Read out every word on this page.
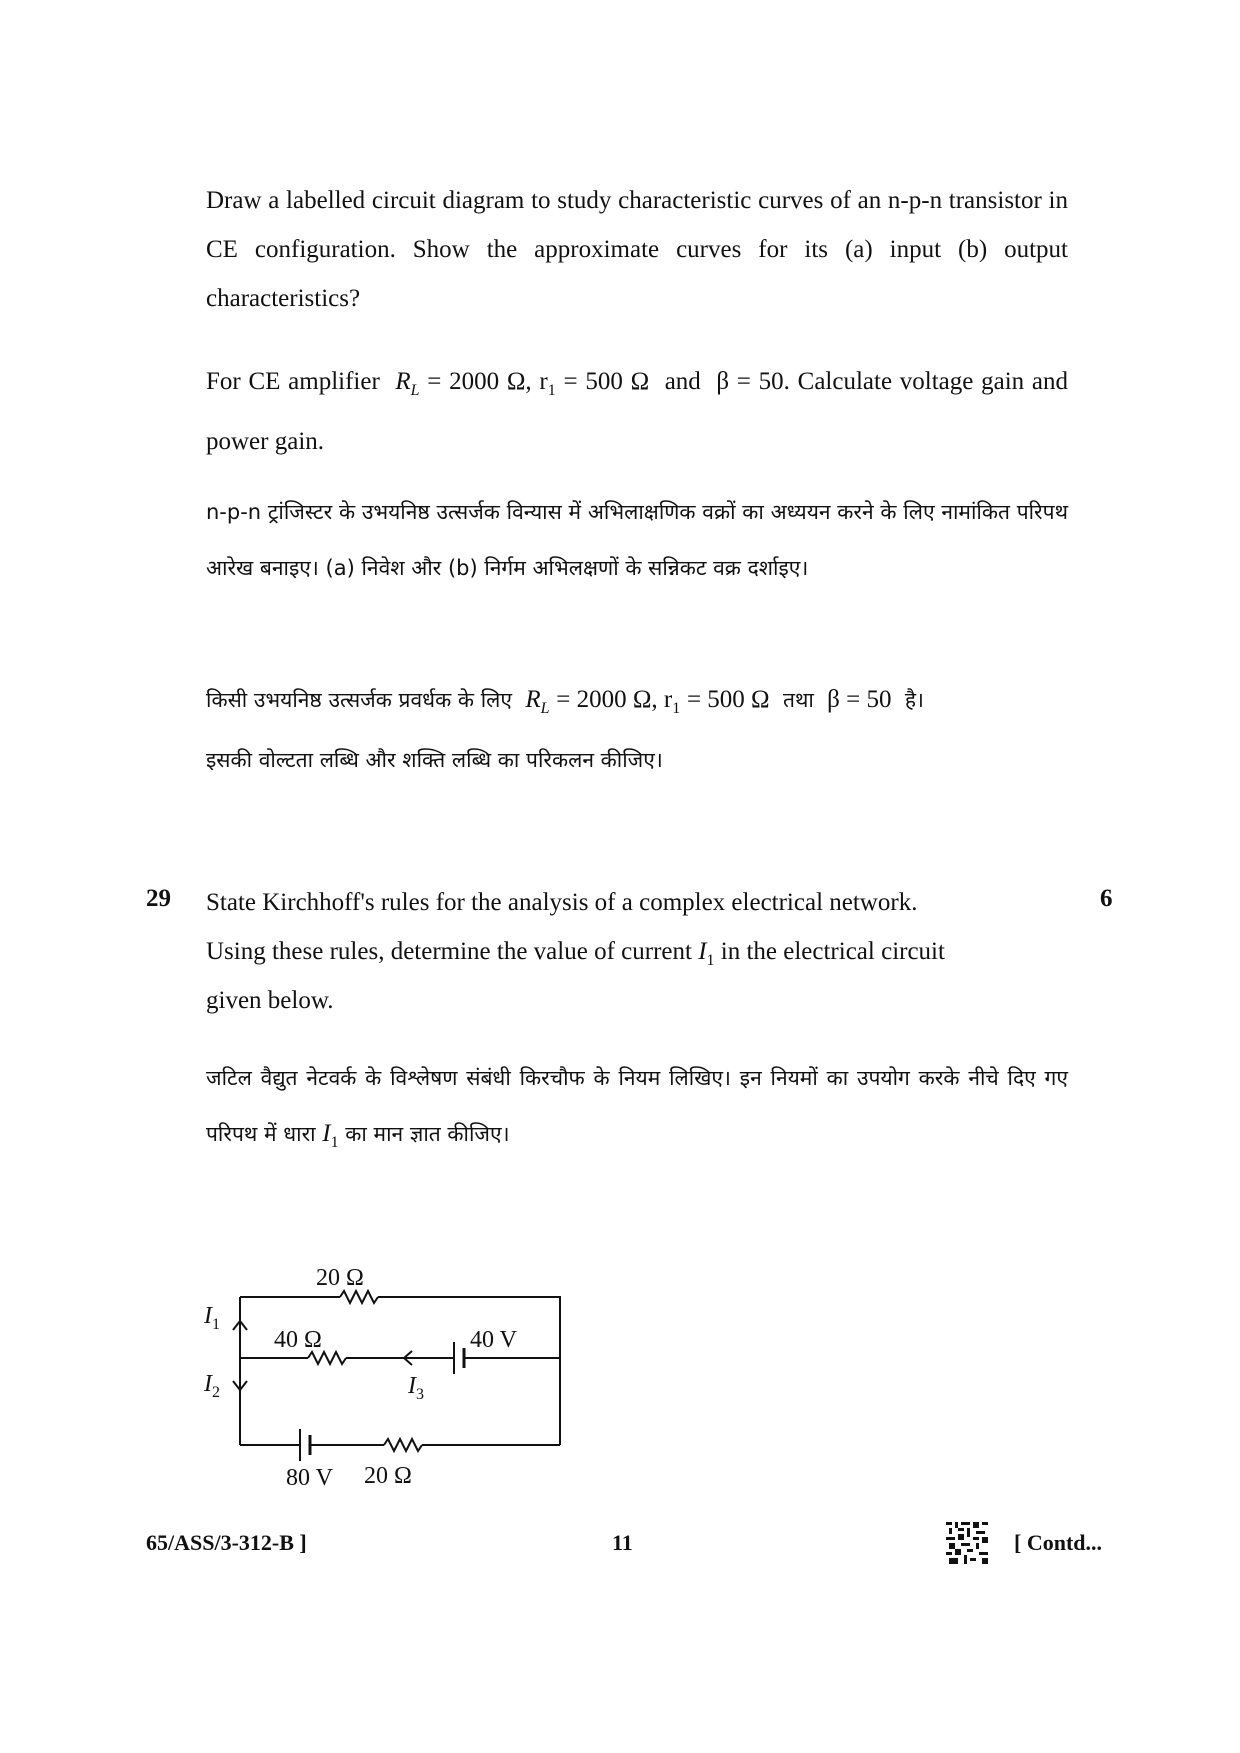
Draw a labelled circuit diagram to study characteristic curves of an n-p-n transistor in CE configuration. Show the approximate curves for its (a) input (b) output characteristics?

For CE amplifier $R_L = 2000$ Ω, $r_1 = 500$ Ω and β = 50. Calculate voltage gain and power gain.

n-p-n ट्रांजिस्टर के उभयनिष्ठ उत्सर्जक विन्यास में अभिलाक्षणिक वक्रों का अध्ययन करने के लिए नामांकित परिपथ आरेख बनाइए। (a) निवेश और (b) निर्गम अभिलक्षणों के सन्निकट वक्र दर्शाइए।

किसी उभयनिष्ठ उत्सर्जक प्रवर्धक के लिए $R_L = 2000$ Ω, $r_1 = 500$ Ω तथा β = 50 है।
इसकी वोल्टता लब्धि और शक्ति लब्धि का परिकलन कीजिए।

29	6

State Kirchhoff's rules for the analysis of a complex electrical network.
Using these rules, determine the value of current $I_1$ in the electrical circuit
given below.

जटिल वैद्युत नेटवर्क के विश्लेषण संबंधी किरचौफ के नियम लिखिए। इन नियमों का उपयोग करके नीचे दिए गए परिपथ में धारा $I_1$ का मान ज्ञात कीजिए।

20 Ω
40 Ω	40 V
20 Ω
80 V
$I_1$
$I_2$	$I_3$
65/ASS/3-312-B ]	11	[ Contd...
